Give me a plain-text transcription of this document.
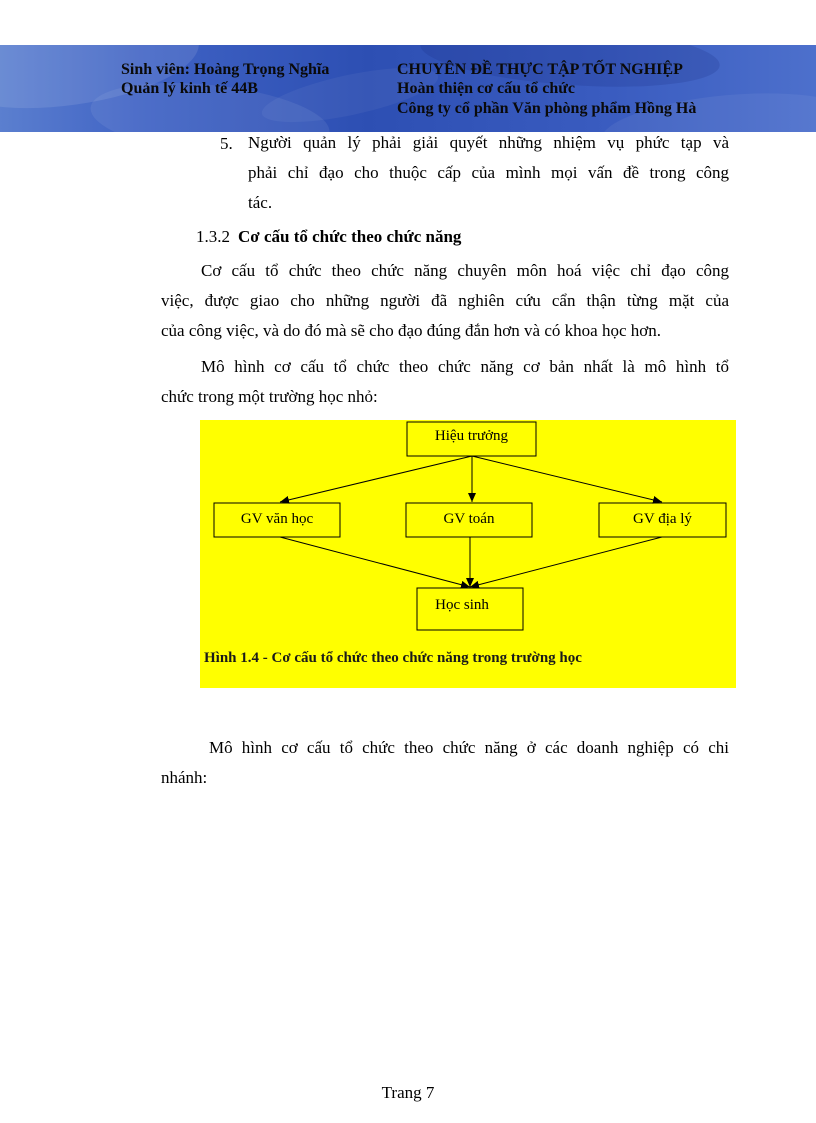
Sinh viên: Hoàng Trọng Nghĩa
Quản lý kinh tế 44B
CHUYÊN ĐỀ THỰC TẬP TỐT NGHIỆP
Hoàn thiện cơ cấu tổ chức
Công ty cổ phần Văn phòng phẩm Hồng Hà
5. Người quản lý phải giải quyết những nhiệm vụ phức tạp và
phải chỉ đạo cho thuộc cấp của mình mọi vấn đề trong công
tác.
1.3.2 Cơ cấu tổ chức theo chức năng
Cơ cấu tổ chức theo chức năng chuyên môn hoá việc chỉ đạo công
việc, được giao cho những người đã nghiên cứu cẩn thận từng mặt của
của công việc, và do đó mà sẽ cho đạo đúng đắn hơn và có khoa học hơn.
Mô hình cơ cấu tổ chức theo chức năng cơ bản nhất là mô hình tổ
chức trong một trường học nhỏ:
Hiệu trưởng
GV văn học	GV toán	GV địa lý
Học sinh
Hình 1.4 - Cơ cấu tổ chức theo chức năng trong trường học
Mô hình cơ cấu tổ chức theo chức năng ở các doanh nghiệp có chi
nhánh:
Trang 7
